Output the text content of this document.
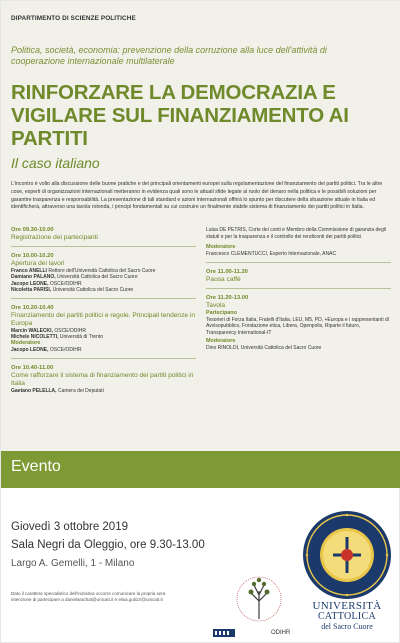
DIPARTIMENTO DI SCIENZE POLITICHE
Politica, società, economia: prevenzione della corruzione alla luce dell'attività di cooperazione internazionale multilaterale
RINFORZARE LA DEMOCRAZIA E VIGILARE SUL FINANZIAMENTO AI PARTITI
Il caso italiano
L'incontro è volto alla discussione delle buone pratiche e dei principali orientamenti europei sulla regolamentazione del finanziamento dei partiti politici. Tra le altre cose, esperti di organizzazioni internazionali metteranno in evidenza quali sono le attuali sfide legate al ruolo del denaro nella politica e le possibili soluzioni per garantire trasparenza e responsabilità. La presentazione di tali standard e azioni internazionali offrirà lo spunto per discutere della situazione attuale in Italia ed identificherà, attraverso una tavola rotonda, i principi fondamentali su cui costruire un finalmente stabile sistema di finanziamento dei partiti politici in Italia.
Ore 09.30-10.00
Registrazione dei partecipanti
Ore 10.00-10.20
Apertura dei lavori
Franco ANELLI Rettore dell'Università Cattolica del Sacro Cuore
Damiano PALANO, Università Cattolica del Sacro Cuore
Jacopo LEONE, OSCE/ODIHR
Nicoletta PARISI, Università Cattolica del Sacro Cuore
Ore 10.20-10.40
Finanziamento dei partiti politici e regole. Principali tendenze in Europa
Marcin WALECKI, OSCE/ODIHR
Michele NICOLETTI, Università di Trento
Moderatore
Jacopo LEONE, OSCE/ODIHR
Ore 10.40-11.00
Come rafforzare il sistema di finanziamento dei partiti politici in Italia
Gaetano PELELLA, Camera dei Deputati
Luisa DE PETRIS, Corte dei conti e Membro della Commissione di garanzia degli statuti e per la trasparenza e il controllo dei rendiconti dei partiti politici
Moderatore
Francesco CLEMENTUCCI, Esperto Internazionale, ANAC
Ore 11.00-11.20
Pausa caffè
Ore 11.20-13.00
Tavola
Partecipano
Tesorieri di Forza Italia, Fratelli d'Italia, LEU, M5, PD, +Europa e i rappresentanti di Avvisopubblico, Fondazione etica, Libera, Openpolis, Riparte il futuro, Transparency International-IT
Moderatore
Dino RINOLDI, Università Cattolica del Sacro Cuore
Evento
Giovedì 3 ottobre 2019
Sala Negri da Oleggio, ore 9.30-13.00
Largo A. Gemelli, 1 - Milano
Dato il carattere specialistico dell'iniziativa occorre comunicare la propria sera intenzione di partecipare a danielarachat@unicatt.it e elisa.gulizzi@unicatt.it
ODIHR
UNIVERSITÀ
CATTOLICA
del Sacro Cuore
